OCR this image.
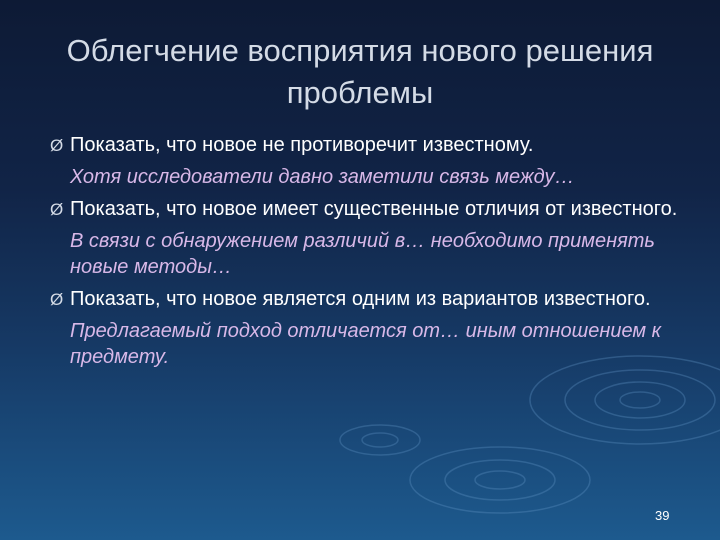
Облегчение восприятия нового решения проблемы
Ø Показать, что новое не противоречит известному.

Хотя исследователи давно заметили связь между…

Ø Показать, что новое имеет существенные отличия от известного.

В связи с обнаружением различий в… необходимо применять новые методы…

Ø Показать, что новое является одним из вариантов известного.

Предлагаемый подход отличается от… иным отношением к предмету.

39
